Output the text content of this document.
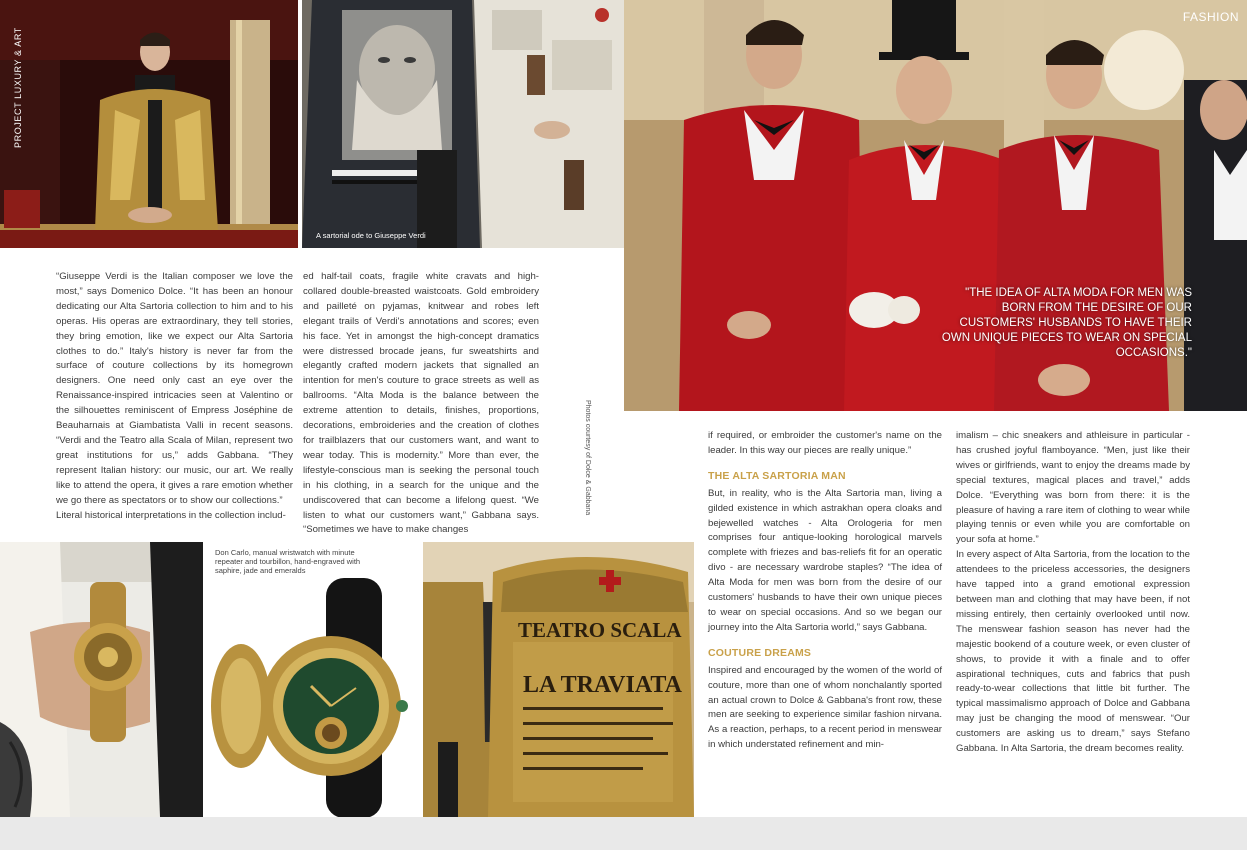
PROJECT LUXURY & ART
A sartorial ode to Giuseppe Verdi
FASHION
"THE IDEA OF ALTA MODA FOR MEN WAS BORN FROM THE DESIRE OF OUR CUSTOMERS' HUSBANDS TO HAVE THEIR OWN UNIQUE PIECES TO WEAR ON SPECIAL OCCASIONS."

“Giuseppe Verdi is the Italian composer we love the most,” says Domenico Dolce. “It has been an honour dedicating our Alta Sartoria collection to him and to his operas. His operas are extraordinary, they tell stories, they bring emotion, like we expect our Alta Sartoria clothes to do.” Italy's history is never far from the surface of couture collections by its homegrown designers. One need only cast an eye over the Renaissance-inspired intricacies seen at Valentino or the silhouettes reminiscent of Empress Joséphine de Beauharnais at Giambatista Valli in recent seasons. “Verdi and the Teatro alla Scala of Milan, represent two great institutions for us,” adds Gabbana. “They represent Italian history: our music, our art. We really like to attend the opera, it gives a rare emotion whether we go there as spectators or to show our collections.”

Literal historical interpretations in the collection includ-

ed half-tail coats, fragile white cravats and high-collared double-breasted waistcoats. Gold embroidery and pailleté on pyjamas, knitwear and robes left elegant trails of Verdi's annotations and scores; even his face. Yet in amongst the high-concept dramatics were distressed brocade jeans, fur sweatshirts and elegantly crafted modern jackets that signalled an intention for men's couture to grace streets as well as ballrooms. “Alta Moda is the balance between the extreme attention to details, finishes, proportions, decorations, embroideries and the creation of clothes for trailblazers that our customers want, and want to wear today. This is modernity.” More than ever, the lifestyle-conscious man is seeking the personal touch in his clothing, in a search for the unique and the undiscovered that can become a lifelong quest. “We listen to what our customers want,” Gabbana says. “Sometimes we have to make changes

Photos courtesy of Dolce & Gabbana	if required, or embroider the customer's name on the leader. In this way our pieces are really unique.”

THE ALTA SARTORIA MAN

But, in reality, who is the Alta Sartoria man, living a gilded existence in which astrakhan opera cloaks and bejewelled watches - Alta Orologeria for men comprises four antique-looking horological marvels complete with friezes and bas-reliefs fit for an operatic divo - are necessary wardrobe staples? “The idea of Alta Moda for men was born from the desire of our customers' husbands to have their own unique pieces to wear on special occasions. And so we began our journey into the Alta Sartoria world,” says Gabbana.

COUTURE DREAMS

Inspired and encouraged by the women of the world of couture, more than one of whom nonchalantly sported an actual crown to Dolce & Gabbana's front row, these men are seeking to experience similar fashion nirvana. As a reaction, perhaps, to a recent period in menswear in which understated refinement and min-

imalism – chic sneakers and athleisure in particular - has crushed joyful flamboyance. “Men, just like their wives or girlfriends, want to enjoy the dreams made by special textures, magical places and travel,” adds Dolce. “Everything was born from there: it is the pleasure of having a rare item of clothing to wear while playing tennis or even while you are comfortable on your sofa at home.”

In every aspect of Alta Sartoria, from the location to the attendees to the priceless accessories, the designers have tapped into a grand emotional expression between man and clothing that may have been, if not missing entirely, then certainly overlooked until now. The menswear fashion season has never had the majestic bookend of a couture week, or even cluster of shows, to provide it with a finale and to offer aspirational techniques, cuts and fabrics that push ready-to-wear collections that little bit further. The typical massimalismo approach of Dolce and Gabbana may just be changing the mood of menswear. “Our customers are asking us to dream,” says Stefano Gabbana. In Alta Sartoria, the dream becomes reality.

Don Carlo, manual wristwatch with minute repeater and tourbillon, hand-engraved with saphire, jade and emeralds
TEATRO SCALA
LA TRAVIATA
